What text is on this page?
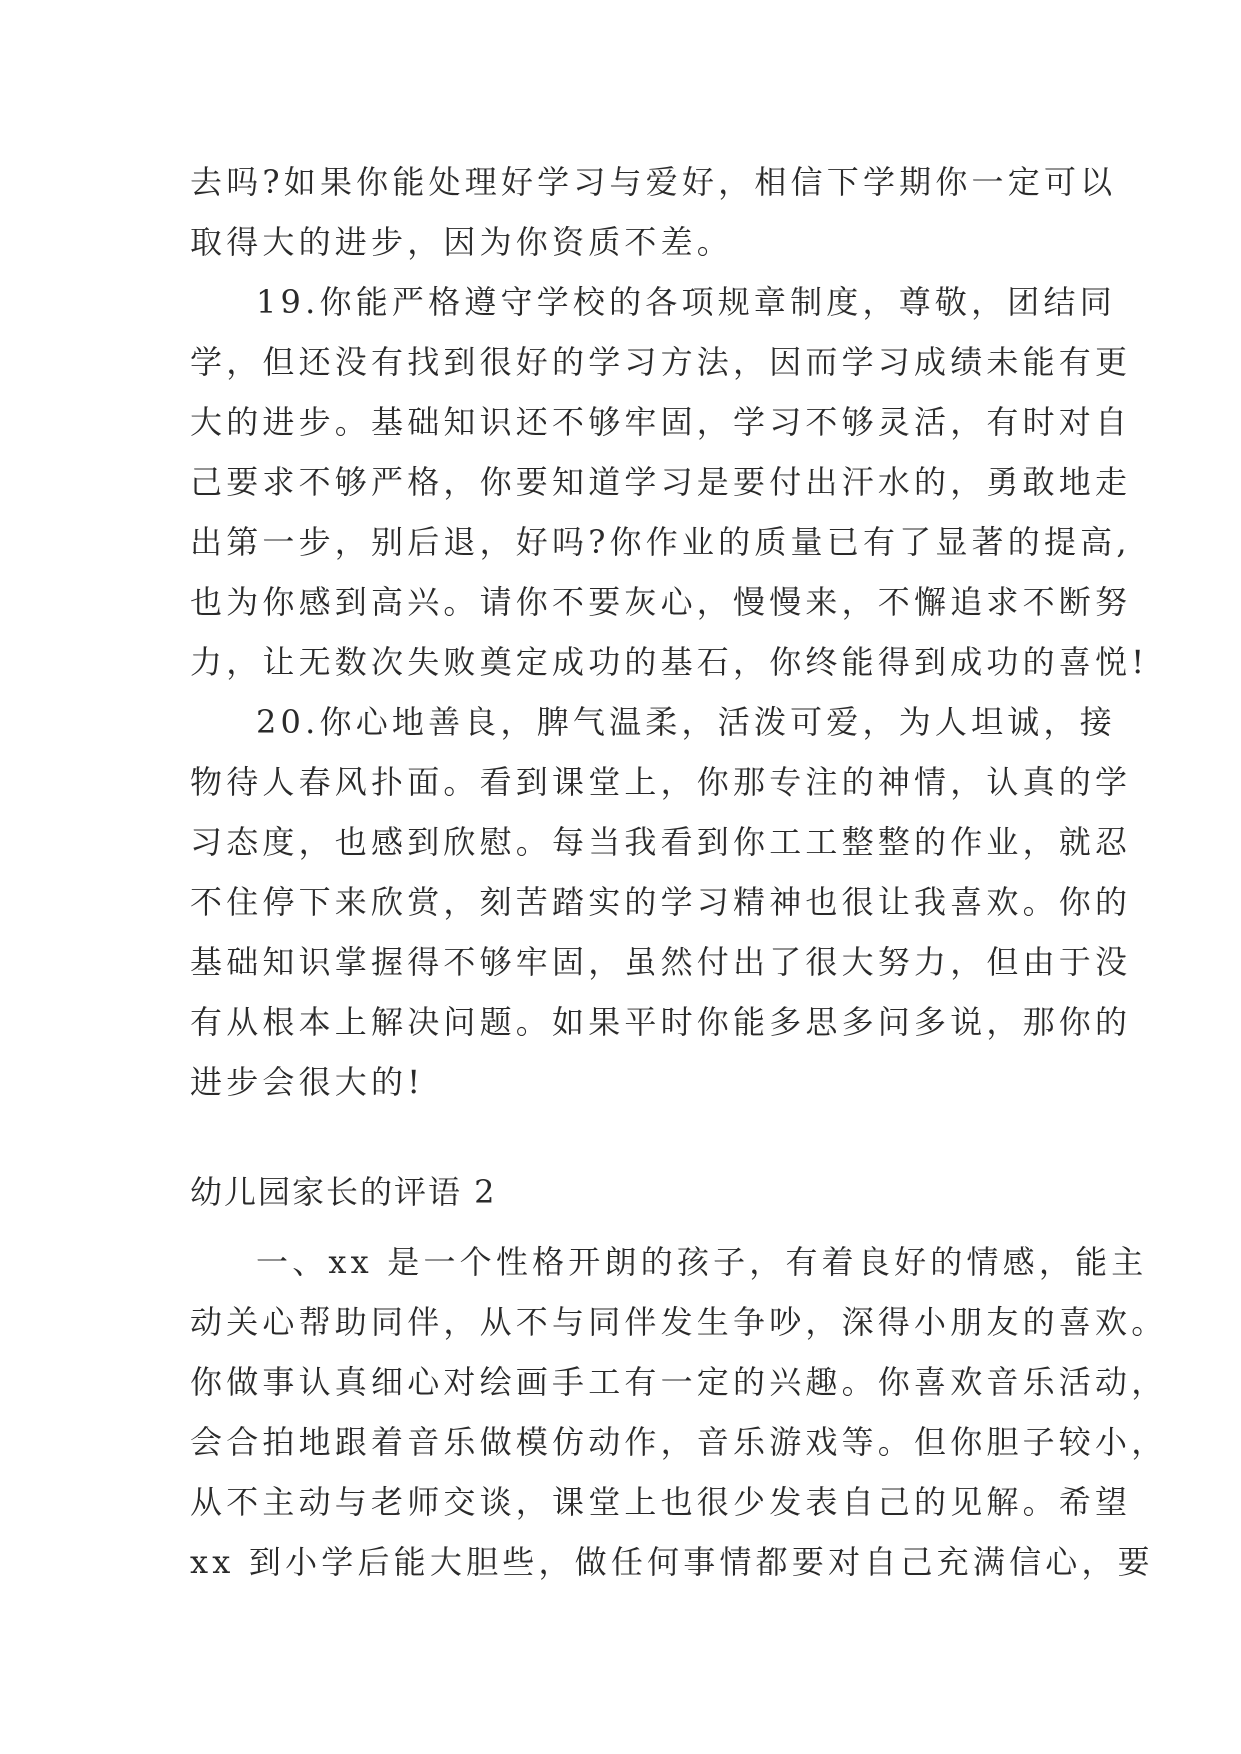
去吗?如果你能处理好学习与爱好，相信下学期你一定可以
取得大的进步，因为你资质不差。
19.你能严格遵守学校的各项规章制度，尊敬，团结同
学，但还没有找到很好的学习方法，因而学习成绩未能有更
大的进步。基础知识还不够牢固，学习不够灵活，有时对自
己要求不够严格，你要知道学习是要付出汗水的，勇敢地走
出第一步，别后退，好吗?你作业的质量已有了显著的提高,
也为你感到高兴。请你不要灰心，慢慢来，不懈追求不断努
力，让无数次失败奠定成功的基石，你终能得到成功的喜悦!
20.你心地善良，脾气温柔，活泼可爱，为人坦诚，接
物待人春风扑面。看到课堂上，你那专注的神情，认真的学
习态度，也感到欣慰。每当我看到你工工整整的作业，就忍
不住停下来欣赏，刻苦踏实的学习精神也很让我喜欢。你的
基础知识掌握得不够牢固，虽然付出了很大努力，但由于没
有从根本上解决问题。如果平时你能多思多问多说，那你的
进步会很大的!
幼儿园家长的评语 2
一、xx 是一个性格开朗的孩子，有着良好的情感，能主
动关心帮助同伴，从不与同伴发生争吵，深得小朋友的喜欢。
你做事认真细心对绘画手工有一定的兴趣。你喜欢音乐活动，
会合拍地跟着音乐做模仿动作，音乐游戏等。但你胆子较小，
从不主动与老师交谈，课堂上也很少发表自己的见解。希望
xx 到小学后能大胆些，做任何事情都要对自己充满信心，要
